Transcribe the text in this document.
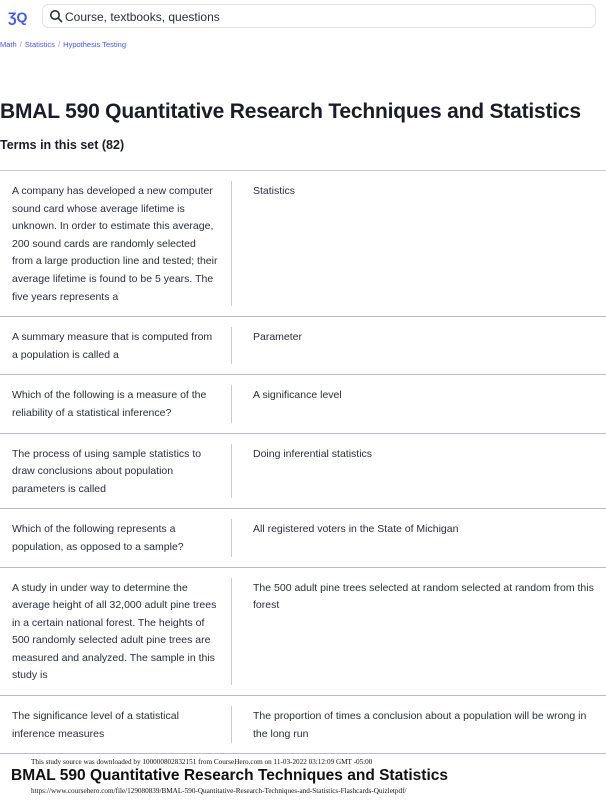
ƷQ
Course, textbooks, questions
Math / Statistics / Hypothesis Testing
BMAL 590 Quantitative Research Techniques and Statistics
Terms in this set (82)
A company has developed a new computer sound card whose average lifetime is unknown. In order to estimate this average, 200 sound cards are randomly selected from a large production line and tested; their average lifetime is found to be 5 years. The five years represents a
Statistics
A summary measure that is computed from a population is called a
Parameter
Which of the following is a measure of the reliability of a statistical inference?
A significance level
The process of using sample statistics to draw conclusions about population parameters is called
Doing inferential statistics
Which of the following represents a population, as opposed to a sample?
All registered voters in the State of Michigan
A study in under way to determine the average height of all 32,000 adult pine trees in a certain national forest. The heights of 500 randomly selected adult pine trees are measured and analyzed. The sample in this study is
The 500 adult pine trees selected at random selected at random from this forest
The significance level of a statistical inference measures
The proportion of times a conclusion about a population will be wrong in the long run
This study source was downloaded by 100000802832151 from CourseHero.com on 11-03-2022 03:12:09 GMT -05:00
BMAL 590 Quantitative Research Techniques and Statistics
https://www.coursehero.com/file/129080839/BMAL-590-Quantitative-Research-Techniques-and-Statistics-Flashcards-Quizletpdf/
